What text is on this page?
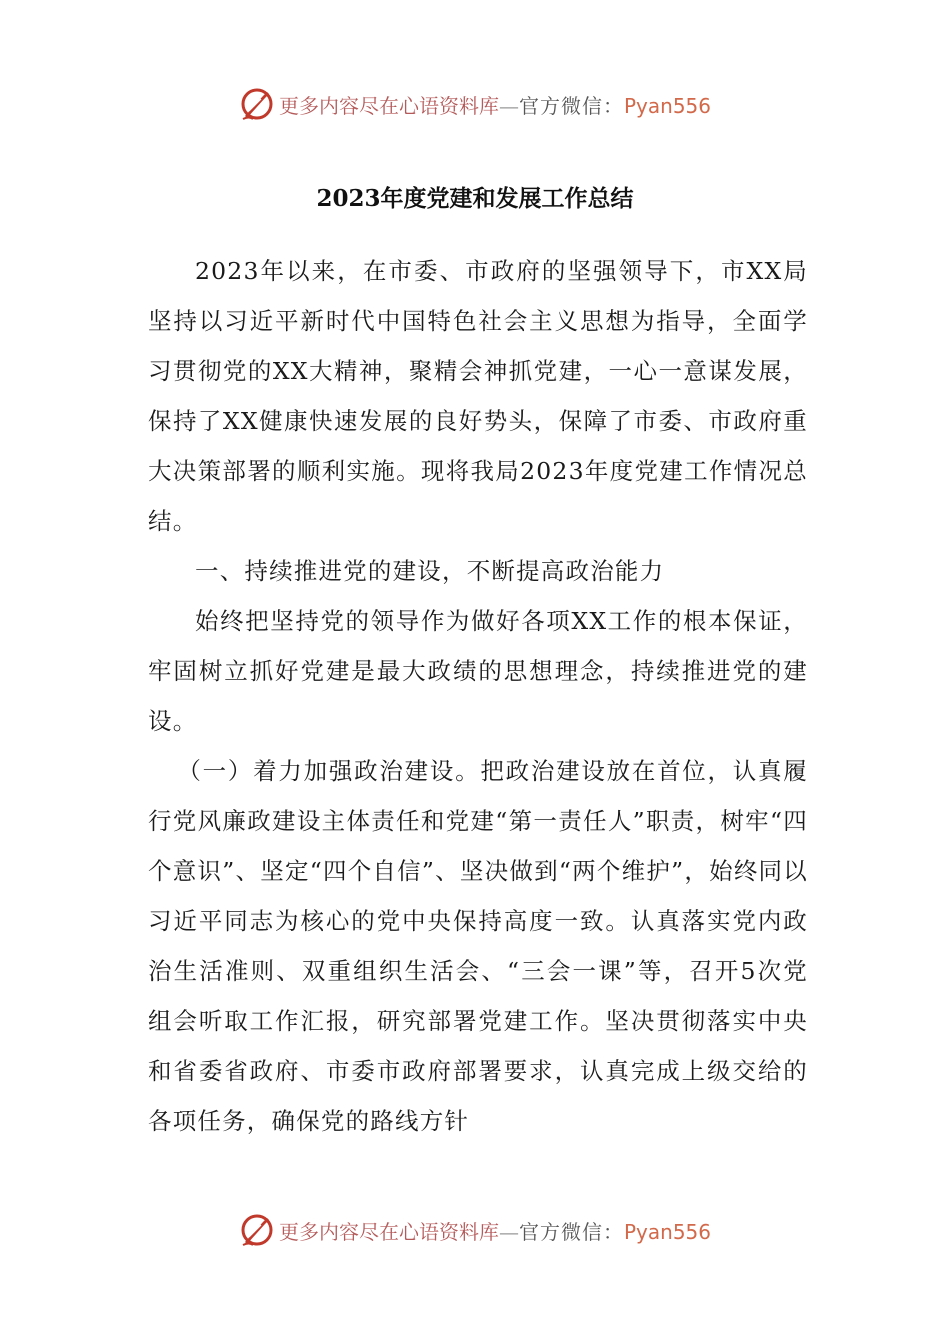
更多内容尽在心语资料库—官方微信：Pyan556
2023年度党建和发展工作总结

2023年以来，在市委、市政府的坚强领导下，市XX局坚持以习近平新时代中国特色社会主义思想为指导，全面学习贯彻党的XX大精神，聚精会神抓党建，一心一意谋发展，保持了XX健康快速发展的良好势头，保障了市委、市政府重大决策部署的顺利实施。现将我局2023年度党建工作情况总结。

一、持续推进党的建设，不断提高政治能力

始终把坚持党的领导作为做好各项XX工作的根本保证，牢固树立抓好党建是最大政绩的思想理念，持续推进党的建设。

（一）着力加强政治建设。把政治建设放在首位，认真履行党风廉政建设主体责任和党建“第一责任人”职责，树牢“四个意识”、坚定“四个自信”、坚决做到“两个维护”，始终同以习近平同志为核心的党中央保持高度一致。认真落实党内政治生活准则、双重组织生活会、“三会一课”等，召开5次党组会听取工作汇报，研究部署党建工作。坚决贯彻落实中央和省委省政府、市委市政府部署要求，认真完成上级交给的各项任务，确保党的路线方针

更多内容尽在心语资料库—官方微信：Pyan556
